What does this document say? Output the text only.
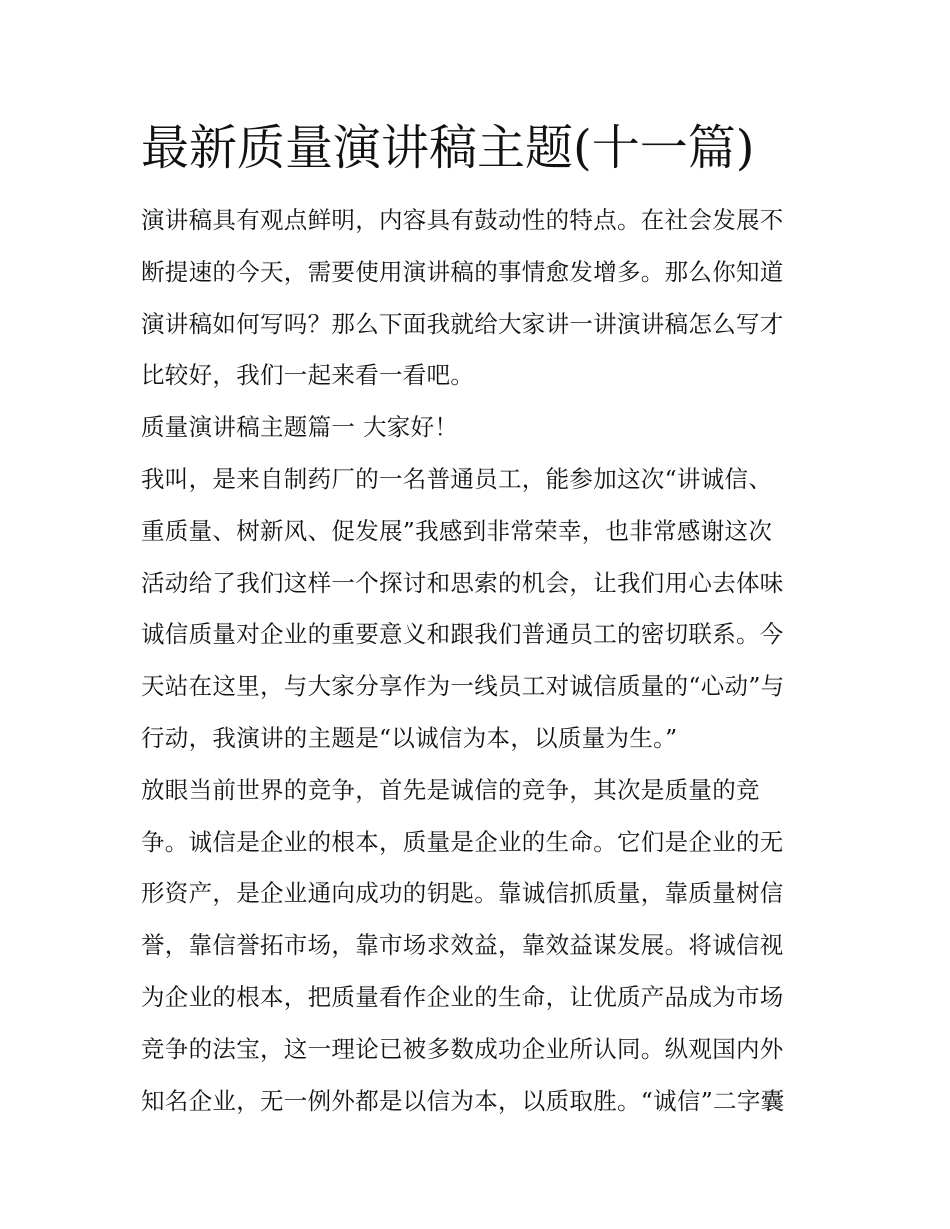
最新质量演讲稿主题(十一篇)
演讲稿具有观点鲜明，内容具有鼓动性的特点。在社会发展不
断提速的今天，需要使用演讲稿的事情愈发增多。那么你知道
演讲稿如何写吗？那么下面我就给大家讲一讲演讲稿怎么写才
比较好，我们一起来看一看吧。
质量演讲稿主题篇一 大家好！
我叫，是来自制药厂的一名普通员工，能参加这次“讲诚信、
重质量、树新风、促发展”我感到非常荣幸，也非常感谢这次
活动给了我们这样一个探讨和思索的机会，让我们用心去体味
诚信质量对企业的重要意义和跟我们普通员工的密切联系。今
天站在这里，与大家分享作为一线员工对诚信质量的“心动”与
行动，我演讲的主题是“以诚信为本，以质量为生。”
放眼当前世界的竞争，首先是诚信的竞争，其次是质量的竞
争。诚信是企业的根本，质量是企业的生命。它们是企业的无
形资产，是企业通向成功的钥匙。靠诚信抓质量，靠质量树信
誉，靠信誉拓市场，靠市场求效益，靠效益谋发展。将诚信视
为企业的根本，把质量看作企业的生命，让优质产品成为市场
竞争的法宝，这一理论已被多数成功企业所认同。纵观国内外
知名企业，无一例外都是以信为本，以质取胜。“诚信”二字囊
